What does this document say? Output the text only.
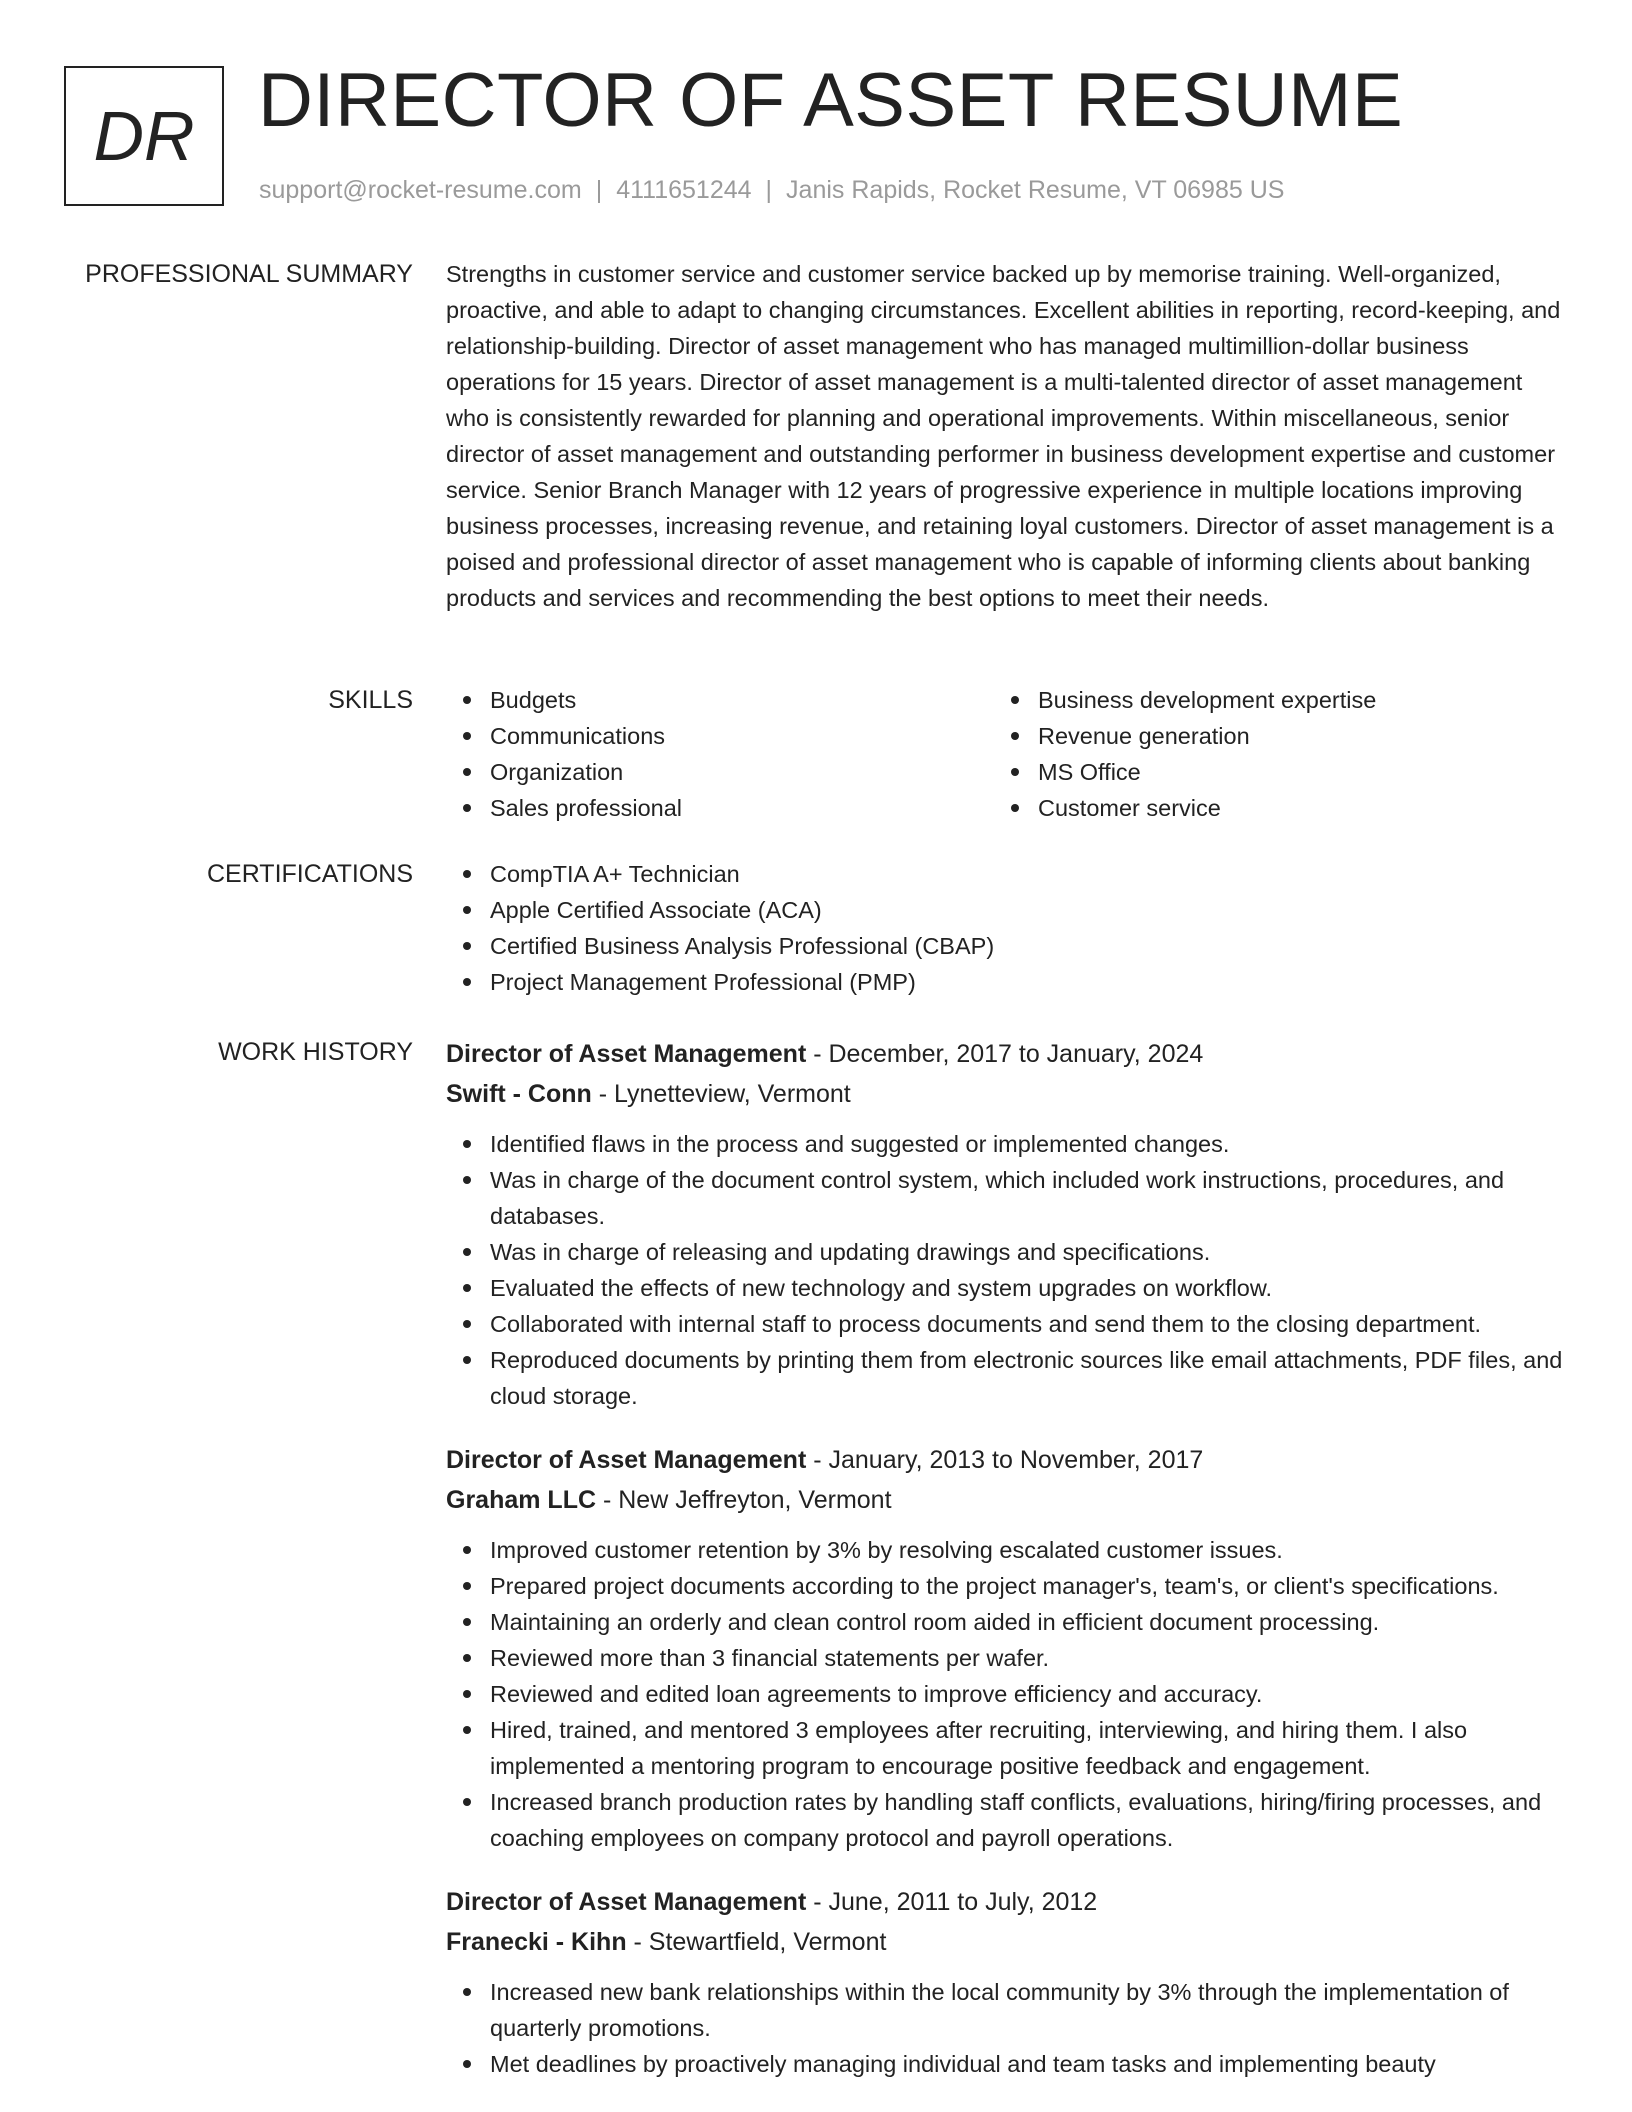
DR DIRECTOR OF ASSET RESUME
support@rocket-resume.com | 4111651244 | Janis Rapids, Rocket Resume, VT 06985 US
PROFESSIONAL SUMMARY Strengths in customer service and customer service backed up by memorise training. Well-organized, proactive, and able to adapt to changing circumstances. Excellent abilities in reporting, record-keeping, and relationship-building. Director of asset management who has managed multimillion-dollar business operations for 15 years. Director of asset management is a multi-talented director of asset management who is consistently rewarded for planning and operational improvements. Within miscellaneous, senior director of asset management and outstanding performer in business development expertise and customer service. Senior Branch Manager with 12 years of progressive experience in multiple locations improving business processes, increasing revenue, and retaining loyal customers. Director of asset management is a poised and professional director of asset management who is capable of informing clients about banking products and services and recommending the best options to meet their needs.

SKILLS	Budgets
Communications
Organization
Sales professional
Business development expertise
Revenue generation
MS Office
Customer service
CERTIFICATIONS	CompTIA A+ Technician
Apple Certified Associate (ACA)
Certified Business Analysis Professional (CBAP)
Project Management Professional (PMP)
WORK HISTORY Director of Asset Management - December, 2017 to January, 2024
Swift - Conn - Lynetteview, Vermont
Identified flaws in the process and suggested or implemented changes.
Was in charge of the document control system, which included work instructions, procedures, and databases.
Was in charge of releasing and updating drawings and specifications.
Evaluated the effects of new technology and system upgrades on workflow.
Collaborated with internal staff to process documents and send them to the closing department.
Reproduced documents by printing them from electronic sources like email attachments, PDF files, and cloud storage.
Director of Asset Management - January, 2013 to November, 2017
Graham LLC - New Jeffreyton, Vermont
Improved customer retention by 3% by resolving escalated customer issues.
Prepared project documents according to the project manager's, team's, or client's specifications.
Maintaining an orderly and clean control room aided in efficient document processing.
Reviewed more than 3 financial statements per wafer.
Reviewed and edited loan agreements to improve efficiency and accuracy.
Hired, trained, and mentored 3 employees after recruiting, interviewing, and hiring them. I also implemented a mentoring program to encourage positive feedback and engagement.
Increased branch production rates by handling staff conflicts, evaluations, hiring/firing processes, and coaching employees on company protocol and payroll operations.
Director of Asset Management - June, 2011 to July, 2012
Franecki - Kihn - Stewartfield, Vermont
Increased new bank relationships within the local community by 3% through the implementation of quarterly promotions.
Met deadlines by proactively managing individual and team tasks and implementing beauty
